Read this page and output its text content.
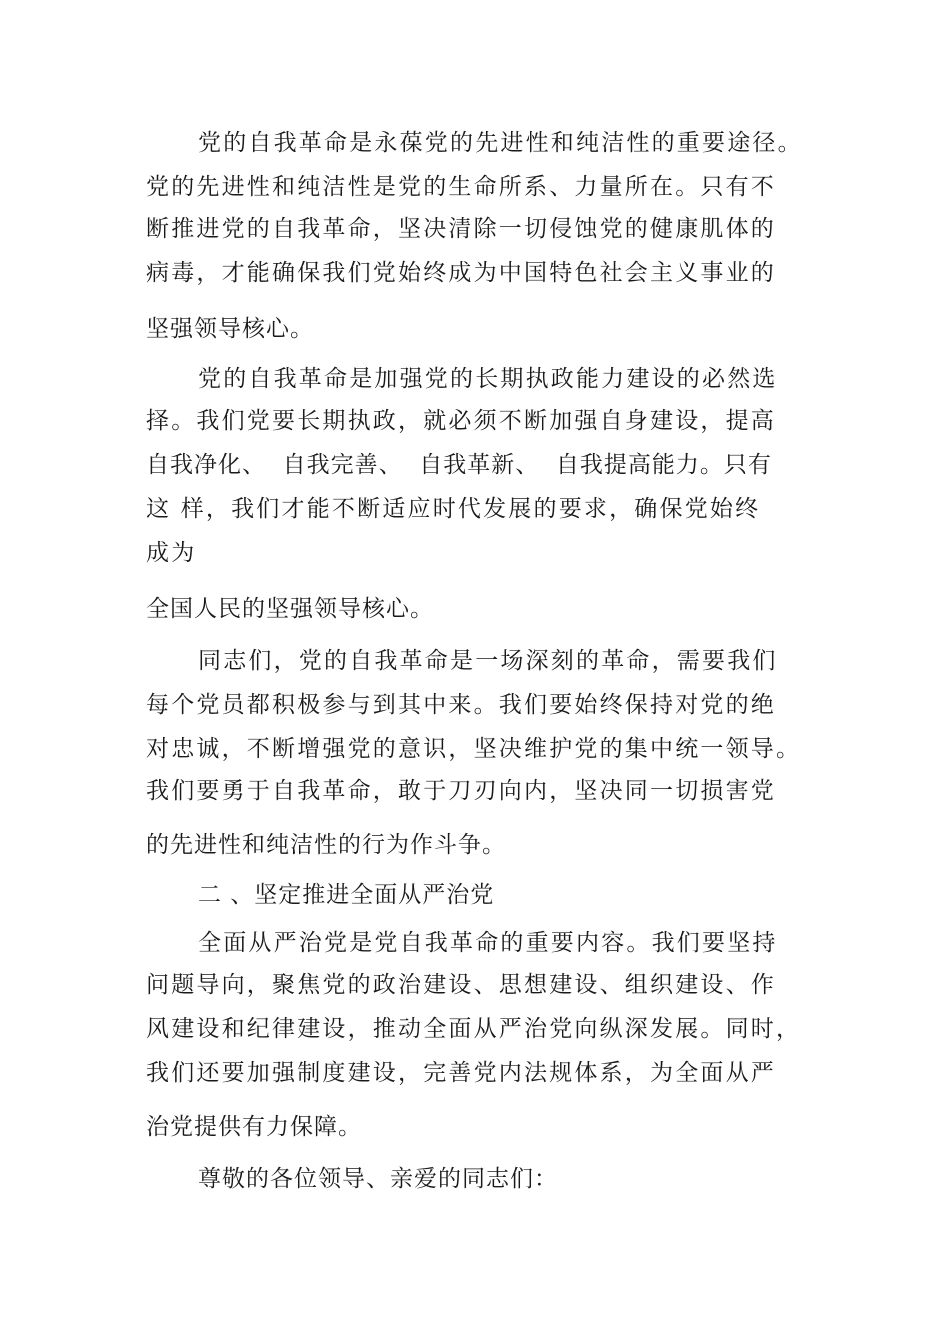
党的自我革命是永葆党的先进性和纯洁性的重要途径。
党的先进性和纯洁性是党的生命所系、力量所在。只有不
断推进党的自我革命，坚决清除一切侵蚀党的健康肌体的
病毒，才能确保我们党始终成为中国特色社会主义事业的
坚强领导核心。
党的自我革命是加强党的长期执政能力建设的必然选
择。我们党要长期执政，就必须不断加强自身建设，提高
自我净化、  自我完善、  自我革新、  自我提高能力。只有
这 样，我们才能不断适应时代发展的要求，确保党始终
成为
全国人民的坚强领导核心。
同志们，党的自我革命是一场深刻的革命，需要我们
每个党员都积极参与到其中来。我们要始终保持对党的绝
对忠诚，不断增强党的意识，坚决维护党的集中统一领导。
我们要勇于自我革命，敢于刀刃向内，坚决同一切损害党
的先进性和纯洁性的行为作斗争。
二 、坚定推进全面从严治党
全面从严治党是党自我革命的重要内容。我们要坚持
问题导向，聚焦党的政治建设、思想建设、组织建设、作
风建设和纪律建设，推动全面从严治党向纵深发展。同时，
我们还要加强制度建设，完善党内法规体系，为全面从严
治党提供有力保障。
尊敬的各位领导、亲爱的同志们：
